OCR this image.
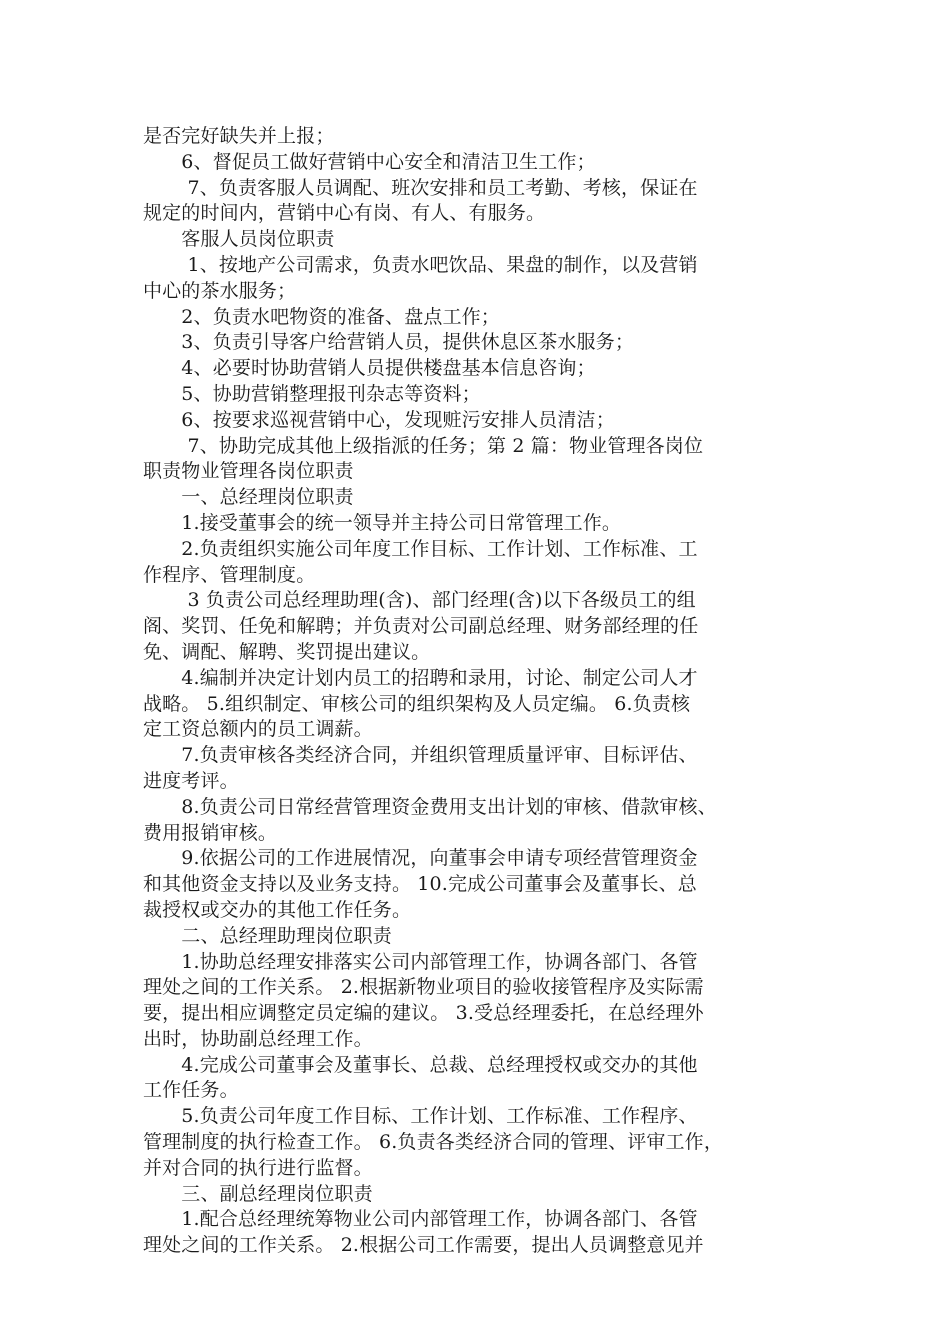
是否完好缺失并上报；
　　6、督促员工做好营销中心安全和清洁卫生工作；
　　 7、负责客服人员调配、班次安排和员工考勤、考核，保证在
规定的时间内，营销中心有岗、有人、有服务。
　　客服人员岗位职责
　　 1、按地产公司需求，负责水吧饮品、果盘的制作，以及营销
中心的茶水服务；
　　2、负责水吧物资的准备、盘点工作；
　　3、负责引导客户给营销人员，提供休息区茶水服务；
　　4、必要时协助营销人员提供楼盘基本信息咨询；
　　5、协助营销整理报刊杂志等资料；
　　6、按要求巡视营销中心，发现赃污安排人员清洁；
　　 7、协助完成其他上级指派的任务；第 2 篇：物业管理各岗位
职责物业管理各岗位职责
　　一、总经理岗位职责
　　1.接受董事会的统一领导并主持公司日常管理工作。
　　2.负责组织实施公司年度工作目标、工作计划、工作标准、工
作程序、管理制度。
　　 3 负责公司总经理助理(含)、部门经理(含)以下各级员工的组
阁、奖罚、任免和解聘；并负责对公司副总经理、财务部经理的任
免、调配、解聘、奖罚提出建议。
　　4.编制并决定计划内员工的招聘和录用，讨论、制定公司人才
战略。 5.组织制定、审核公司的组织架构及人员定编。 6.负责核
定工资总额内的员工调薪。
　　7.负责审核各类经济合同，并组织管理质量评审、目标评估、
进度考评。
　　8.负责公司日常经营管理资金费用支出计划的审核、借款审核、
费用报销审核。
　　9.依据公司的工作进展情况，向董事会申请专项经营管理资金
和其他资金支持以及业务支持。 10.完成公司董事会及董事长、总
裁授权或交办的其他工作任务。
　　二、总经理助理岗位职责
　　1.协助总经理安排落实公司内部管理工作，协调各部门、各管
理处之间的工作关系。 2.根据新物业项目的验收接管程序及实际需
要，提出相应调整定员定编的建议。 3.受总经理委托，在总经理外
出时，协助副总经理工作。
　　4.完成公司董事会及董事长、总裁、总经理授权或交办的其他
工作任务。
　　5.负责公司年度工作目标、工作计划、工作标准、工作程序、
管理制度的执行检查工作。 6.负责各类经济合同的管理、评审工作，
并对合同的执行进行监督。
　　三、副总经理岗位职责
　　1.配合总经理统筹物业公司内部管理工作，协调各部门、各管
理处之间的工作关系。 2.根据公司工作需要，提出人员调整意见并
